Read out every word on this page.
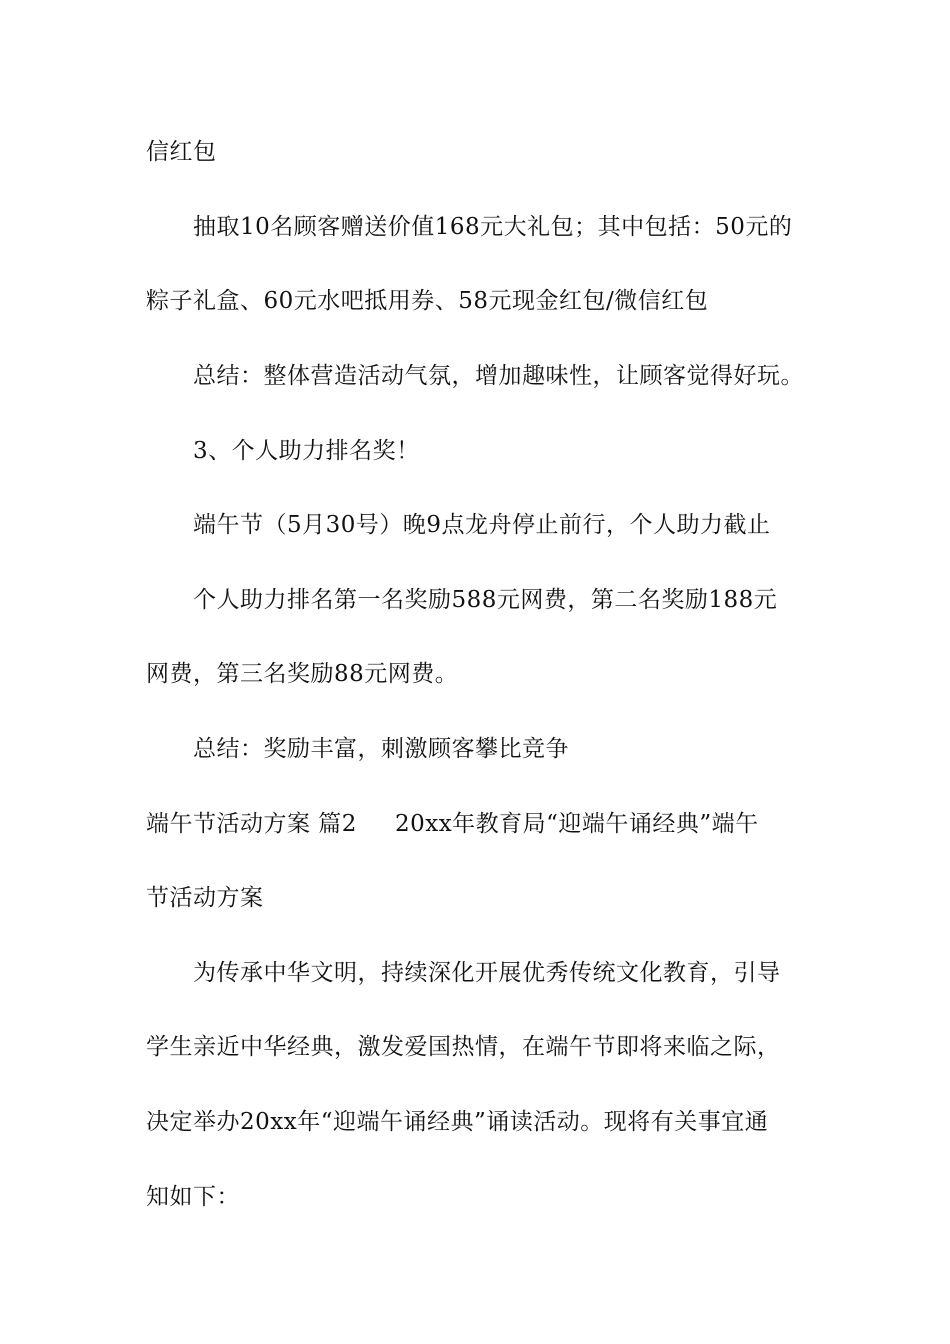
信红包
抽取10名顾客赠送价值168元大礼包；其中包括：50元的
粽子礼盒、60元水吧抵用券、58元现金红包/微信红包
总结：整体营造活动气氛，增加趣味性，让顾客觉得好玩。
3、个人助力排名奖！
端午节（5月30号）晚9点龙舟停止前行，个人助力截止
个人助力排名第一名奖励588元网费，第二名奖励188元
网费，第三名奖励88元网费。
总结：奖励丰富，刺激顾客攀比竞争
端午节活动方案 篇2 20xx年教育局“迎端午诵经典”端午
节活动方案
为传承中华文明，持续深化开展优秀传统文化教育，引导
学生亲近中华经典，激发爱国热情，在端午节即将来临之际，
决定举办20xx年“迎端午诵经典”诵读活动。现将有关事宜通
知如下：
